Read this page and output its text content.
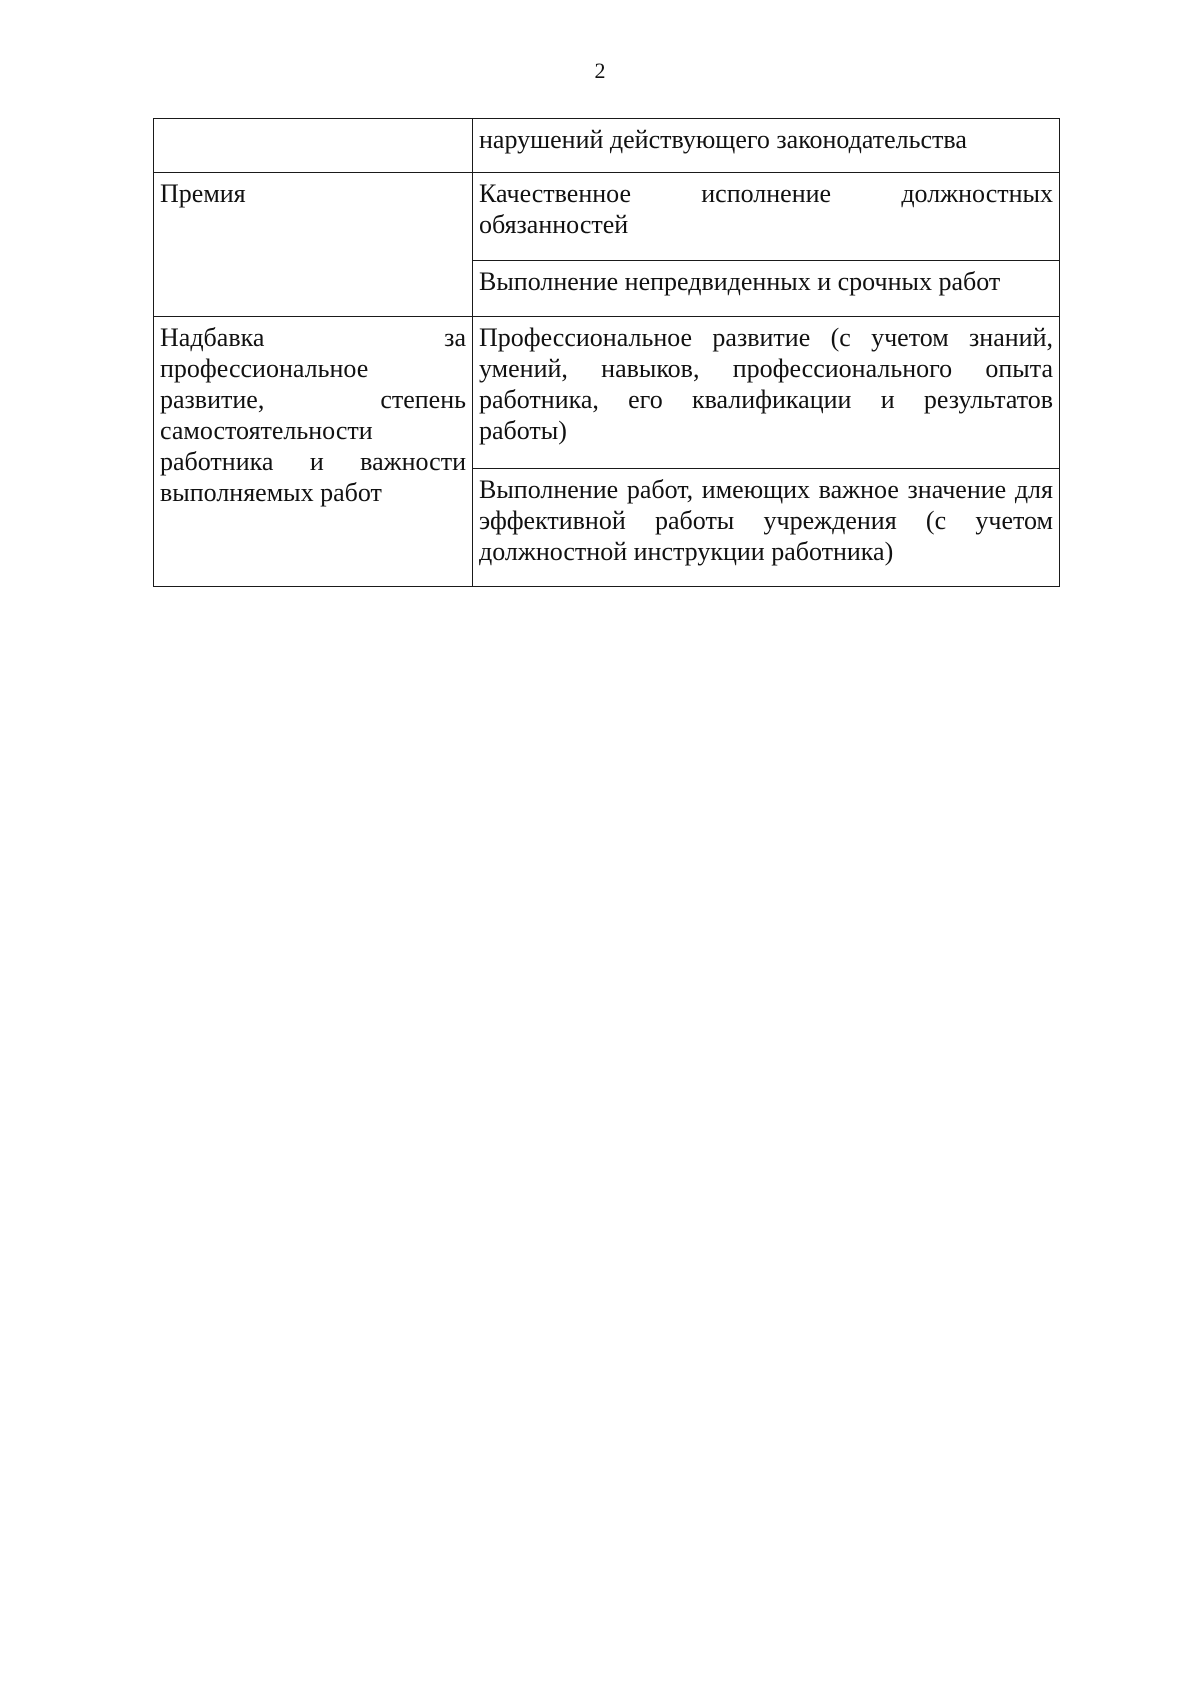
2

	нарушений действующего законодательства

Премия	Качественное исполнение должностных обязанностей

	Выполнение непредвиденных и срочных работ

Надбавка за профессиональное развитие, степень самостоятельности работника и важности выполняемых работ	Профессиональное развитие (с учетом знаний, умений, навыков, профессионального опыта работника, его квалификации и результатов работы)

	Выполнение работ, имеющих важное значение для эффективной работы учреждения (с учетом должностной инструкции работника)
